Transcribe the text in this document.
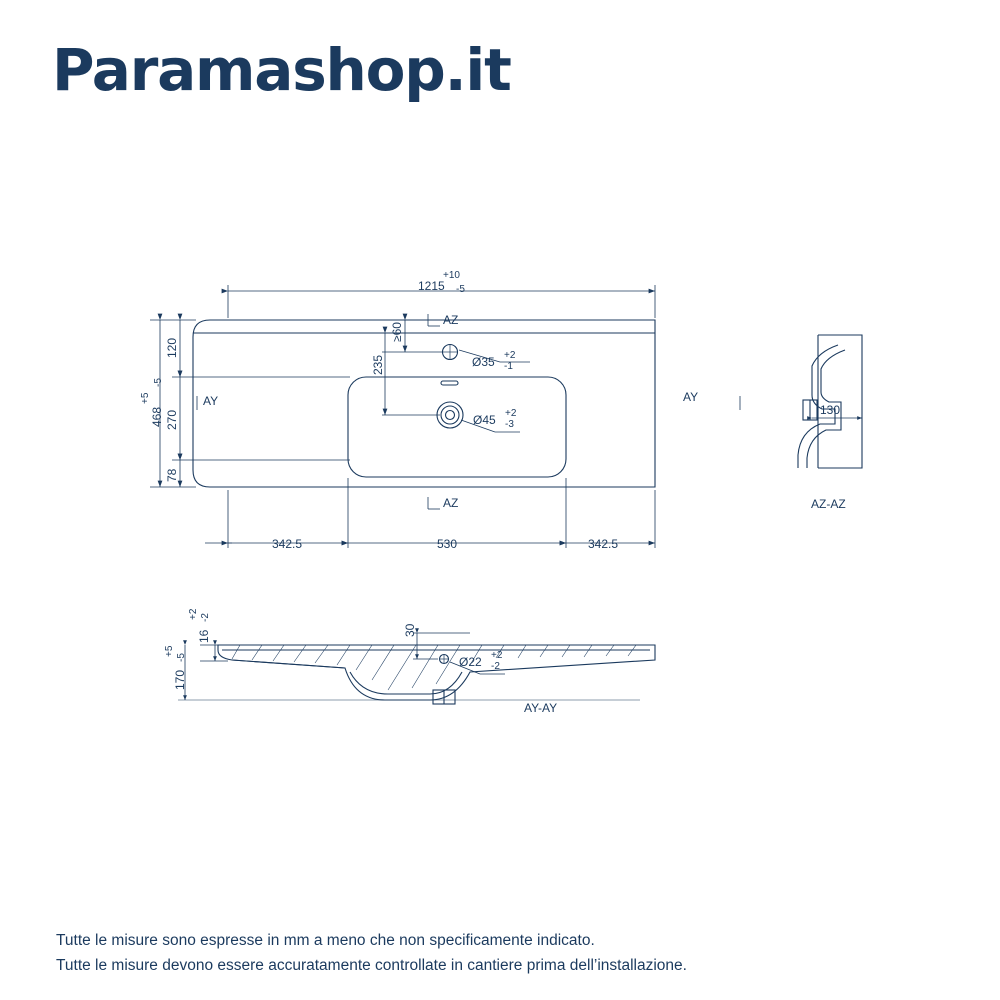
Paramashop.it
+10
1215 -5
+5
468
-5
120
270
78
235
≥60
Ø35 +2
-1
Ø45 +2
-3
342.5	530	342.5
AZ
AZ
AY	AY
130
AZ-AZ
+2
16
-2
+5
170
-5
30
Ø22 +2
-2
AY-AY
Tutte le misure sono espresse in mm a meno che non specificamente indicato.
Tutte le misure devono essere accuratamente controllate in cantiere prima dell’installazione.
